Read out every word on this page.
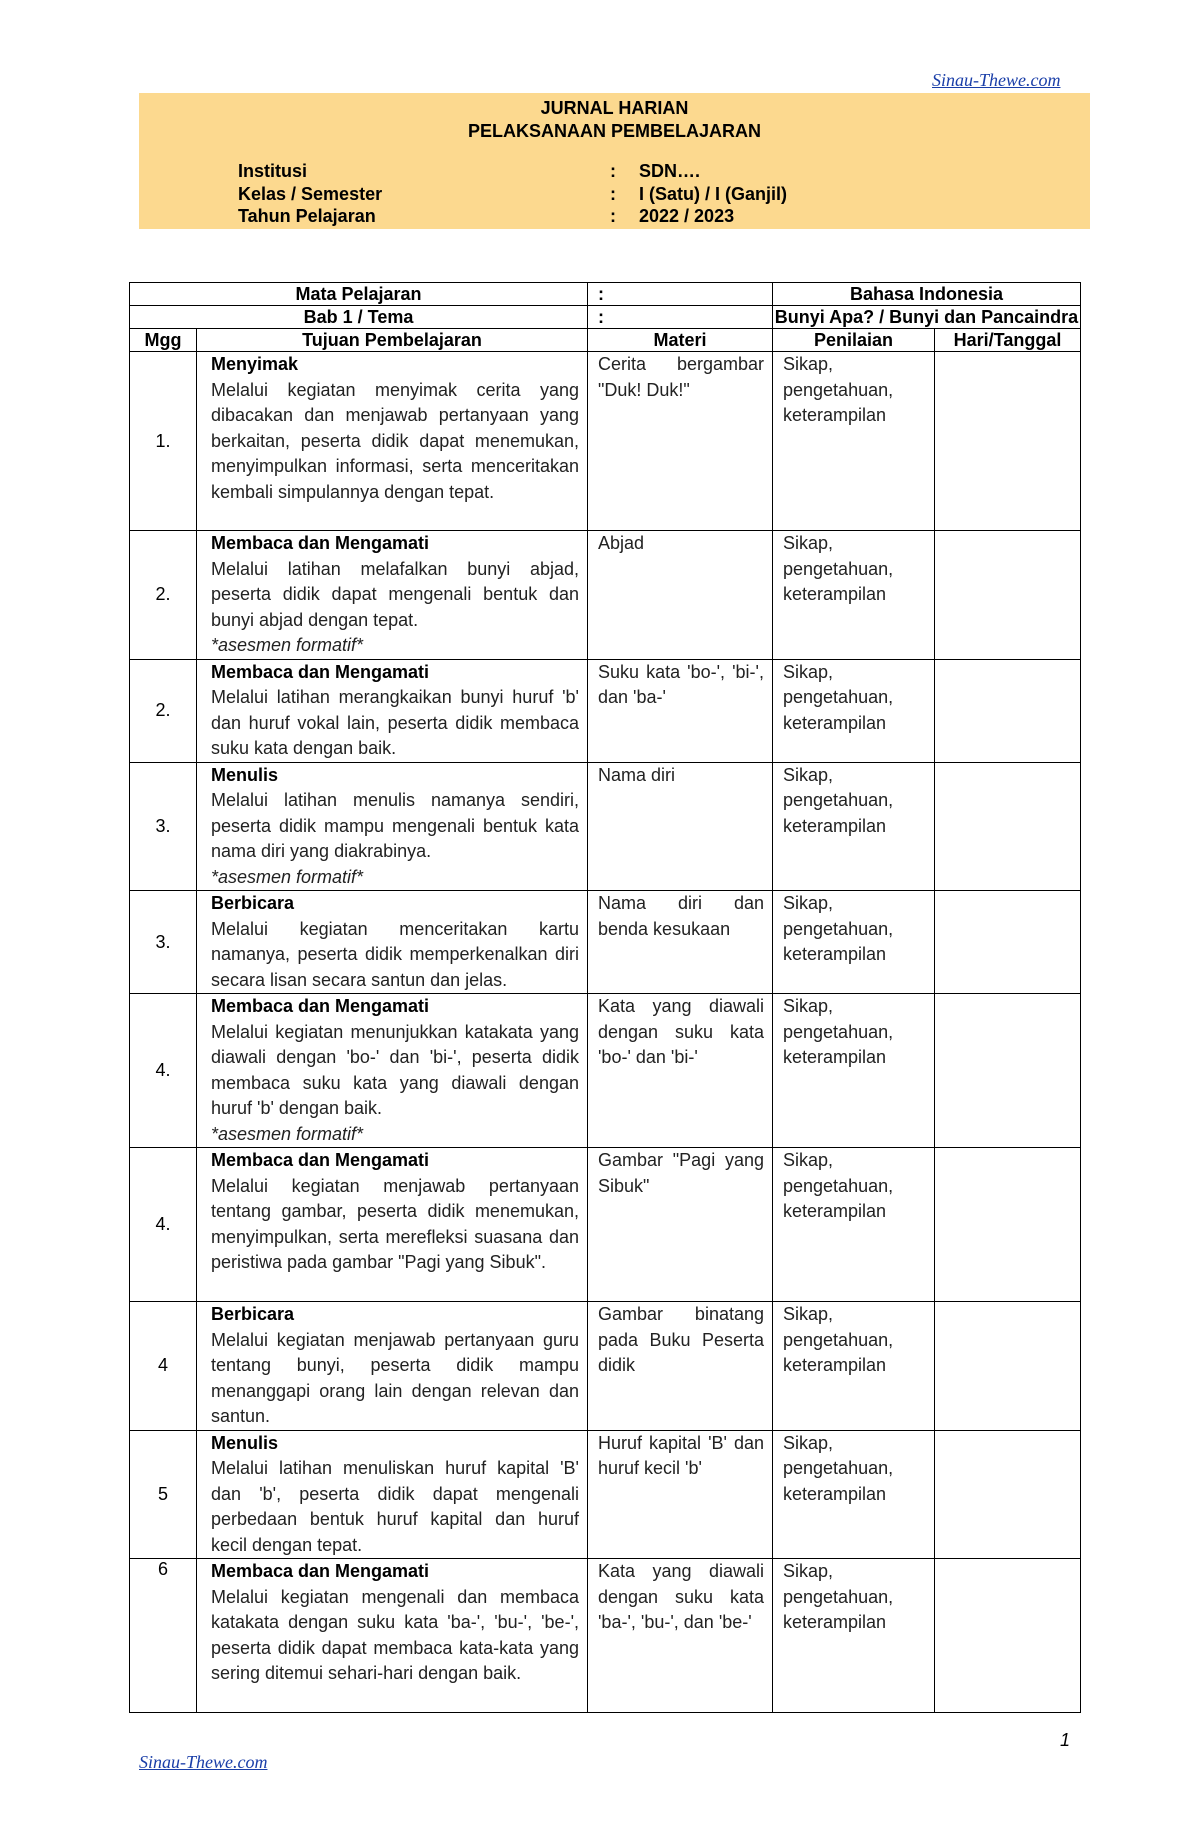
Sinau-Thewe.com
JURNAL HARIAN
PELAKSANAAN PEMBELAJARAN
Institusi	: SDN….
Kelas / Semester	: I (Satu) / I (Ganjil)
Tahun Pelajaran	: 2022 / 2023
Mata Pelajaran		:	Bahasa Indonesia	
Bab 1 / Tema		:	Bunyi Apa? / Bunyi dan Pancaindra	
Mgg	Tujuan Pembelajaran	Materi	Penilaian	Hari/Tanggal
1.	Menyimak
Melalui kegiatan menyimak cerita yang dibacakan dan menjawab pertanyaan yang berkaitan, peserta didik dapat menemukan, menyimpulkan informasi, serta menceritakan kembali simpulannya dengan tepat.	Cerita bergambar "Duk! Duk!"	Sikap, pengetahuan, keterampilan	
2.	Membaca dan Mengamati
Melalui latihan melafalkan bunyi abjad, peserta didik dapat mengenali bentuk dan bunyi abjad dengan tepat.
*asesmen formatif*	Abjad	Sikap, pengetahuan, keterampilan	
2.	Membaca dan Mengamati
Melalui latihan merangkaikan bunyi huruf 'b' dan huruf vokal lain, peserta didik membaca suku kata dengan baik.	Suku kata 'bo-', 'bi-', dan 'ba-'	Sikap, pengetahuan, keterampilan	
3.	Menulis
Melalui latihan menulis namanya sendiri, peserta didik mampu mengenali bentuk kata nama diri yang diakrabinya.
*asesmen formatif*	Nama diri	Sikap, pengetahuan, keterampilan	
3.	Berbicara
Melalui kegiatan menceritakan kartu namanya, peserta didik memperkenalkan diri secara lisan secara santun dan jelas.	Nama diri dan benda kesukaan	Sikap, pengetahuan, keterampilan	
4.	Membaca dan Mengamati
Melalui kegiatan menunjukkan katakata yang diawali dengan 'bo-' dan 'bi-', peserta didik membaca suku kata yang diawali dengan huruf 'b' dengan baik.
*asesmen formatif*	Kata yang diawali dengan suku kata 'bo-' dan 'bi-'	Sikap, pengetahuan, keterampilan	
4.	Membaca dan Mengamati
Melalui kegiatan menjawab pertanyaan tentang gambar, peserta didik menemukan, menyimpulkan, serta merefleksi suasana dan peristiwa pada gambar "Pagi yang Sibuk".	Gambar "Pagi yang Sibuk"	Sikap, pengetahuan, keterampilan	
4	Berbicara
Melalui kegiatan menjawab pertanyaan guru tentang bunyi, peserta didik mampu menanggapi orang lain dengan relevan dan santun.	Gambar binatang pada Buku Peserta didik	Sikap, pengetahuan, keterampilan	
5	Menulis
Melalui latihan menuliskan huruf kapital 'B' dan 'b', peserta didik dapat mengenali perbedaan bentuk huruf kapital dan huruf kecil dengan tepat.	Huruf kapital 'B' dan huruf kecil 'b'	Sikap, pengetahuan, keterampilan	
6	Membaca dan Mengamati
Melalui kegiatan mengenali dan membaca katakata dengan suku kata 'ba-', 'bu-', 'be-', peserta didik dapat membaca kata-kata yang sering ditemui sehari-hari dengan baik.	Kata yang diawali dengan suku kata 'ba-', 'bu-', dan 'be-'	Sikap, pengetahuan, keterampilan	
1
Sinau-Thewe.com
